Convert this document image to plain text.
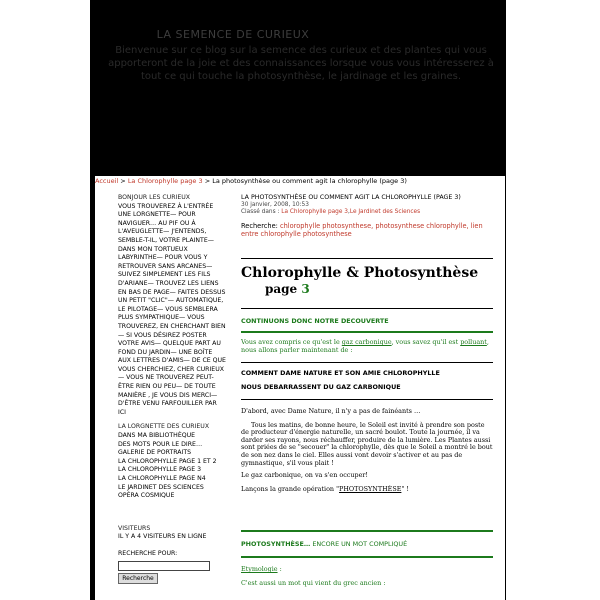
LA SEMENCE DE CURIEUX
Bienvenue sur ce blog sur la semence des curieux et des plantes qui vous apporteront de la joie et des connaissances lorsque vous vous intéresserez à tout ce qui touche la photosynthèse, le jardinage et les graines.
Accueil > La Chlorophylle page 3 > La photosynthèse ou comment agit la chlorophylle (page 3)
BONJOUR LES CURIEUX
VOUS TROUVEREZ À L'ENTRÉE UNE LORGNETTE— POUR NAVIGUER… AU PIF OU À L'AVEUGLETTE— J'ENTENDS, SEMBLE-T-IL, VOTRE PLAINTE— DANS MON TORTUEUX LABYRINTHE— POUR VOUS Y RETROUVER SANS ARCANES— SUIVEZ SIMPLEMENT LES FILS D'ARIANE— TROUVEZ LES LIENS EN BAS DE PAGE— FAITES DESSUS UN PETIT "CLIC"— AUTOMATIQUE, LE PILOTAGE— VOUS SEMBLERA PLUS SYMPATHIQUE— VOUS TROUVEREZ, EN CHERCHANT BIEN— SI VOUS DÉSIREZ POSTER VOTRE AVIS— QUELQUE PART AU FOND DU JARDIN— UNE BOÎTE AUX LETTRES D'AMIS— DE CE QUE VOUS CHERCHIEZ, CHER CURIEUX— VOUS NE TROUVEREZ PEUT-ÊTRE RIEN OU PEU— DE TOUTE MANIÈRE , JE VOUS DIS MERCI— D'ÊTRE VENU FARFOUILLER PAR ICI
LA LORGNETTE DES CURIEUX
DANS MA BIBLIOTHÈQUE
DES MOTS POUR LE DIRE…
GALERIE DE PORTRAITS
LA CHLOROPHYLLE PAGE 1 ET 2
LA CHLOROPHYLLE PAGE 3
LA CHLOROPHYLLE PAGE N4
LE JARDINET DES SCIENCES
OPÉRA COSMIQUE
VISITEURS
IL Y A 4 VISITEURS EN LIGNE
RECHERCHE POUR:
Recherche
LA PHOTOSYNTHÈSE OU COMMENT AGIT LA CHLOROPHYLLE (PAGE 3)
30 janvier, 2008, 10:53
Classé dans : La Chlorophylle page 3,Le Jardinet des Sciences
Recherche: chlorophylle photosynthese, photosynthese chlorophylle, lien entre chlorophylle photosynthese
Chlorophylle & Photosynthèse
page 3
CONTINUONS DONC NOTRE DECOUVERTE
Vous avez compris ce qu'est le gaz carbonique, vous savez qu'il est polluant, nous allons parler maintenant de :
COMMENT DAME NATURE ET SON AMIE CHLOROPHYLLE
NOUS DEBARRASSENT DU GAZ CARBONIQUE
D'abord, avec Dame Nature, il n'y a pas de fainéants …
Tous les matins, de bonne heure, le Soleil est invité à prendre son poste de producteur d'énergie naturelle, un sacré boulot. Toute la journée, il va darder ses rayons, nous réchauffer, produire de la lumière. Les Plantes aussi sont priées de se "secouer" la chlorophylle, dès que le Soleil a montré le bout de son nez dans le ciel. Elles aussi vont devoir s'activer et au pas de gymnastique, s'il vous plait !
Le gaz carbonique, on va s'en occuper!
Lançons la grande opération "PHOTOSYNTHÈSE" !
PHOTOSYNTHÈSE… ENCORE UN MOT COMPLIQUÉ
Etymologie :
C'est aussi un mot qui vient du grec ancien :
